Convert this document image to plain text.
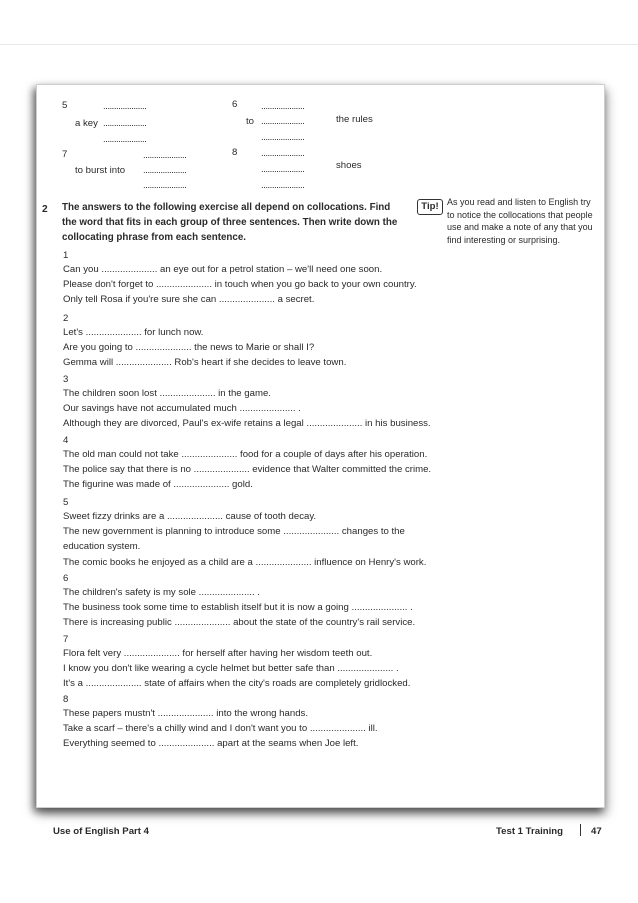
5	....................
a key ....................
....................
6 ....................
to ....................	the rules
....................
7	....................
to burst into ....................
....................
8 ....................
....................	shoes
....................
2 The answers to the following exercise all depend on collocations. Find the word that fits in each group of three sentences. Then write down the collocating phrase from each sentence.
Tip! As you read and listen to English try to notice the collocations that people use and make a note of any that you find interesting or surprising.
1
Can you ..................... an eye out for a petrol station – we'll need one soon.
Please don't forget to ..................... in touch when you go back to your own country.
Only tell Rosa if you're sure she can ..................... a secret.
2
Let's ..................... for lunch now.
Are you going to ..................... the news to Marie or shall I?
Gemma will ..................... Rob's heart if she decides to leave town.
3
The children soon lost ..................... in the game.
Our savings have not accumulated much ..................... .
Although they are divorced, Paul's ex-wife retains a legal ..................... in his business.
4
The old man could not take ..................... food for a couple of days after his operation.
The police say that there is no ..................... evidence that Walter committed the crime.
The figurine was made of ..................... gold.
5
Sweet fizzy drinks are a ..................... cause of tooth decay.
The new government is planning to introduce some ..................... changes to the
education system.
The comic books he enjoyed as a child are a ..................... influence on Henry's work.
6
The children's safety is my sole ..................... .
The business took some time to establish itself but it is now a going ..................... .
There is increasing public ..................... about the state of the country's rail service.
7
Flora felt very ..................... for herself after having her wisdom teeth out.
I know you don't like wearing a cycle helmet but better safe than ..................... .
It's a ..................... state of affairs when the city's roads are completely gridlocked.
8
These papers mustn't ..................... into the wrong hands.
Take a scarf – there's a chilly wind and I don't want you to ..................... ill.
Everything seemed to ..................... apart at the seams when Joe left.
Use of English Part 4	Test 1 Training	47
